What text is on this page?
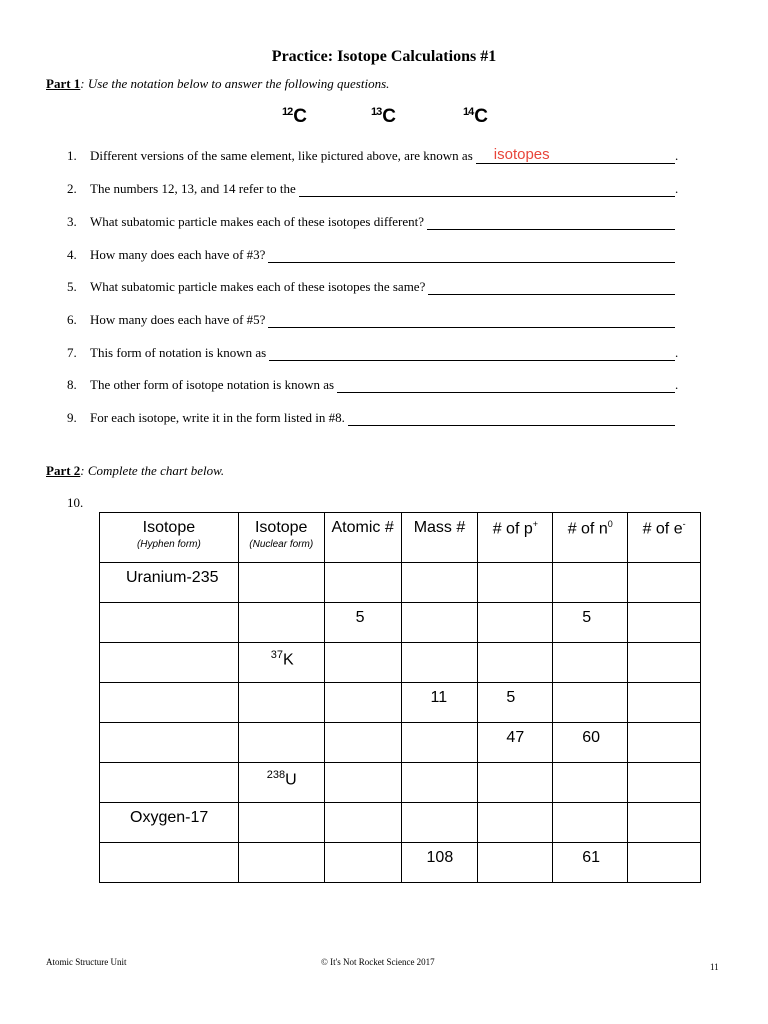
Practice: Isotope Calculations #1
Part 1: Use the notation below to answer the following questions.
$^{12}$C	$^{13}$C	$^{14}$C
1.	Different versions of the same element, like pictured above, are known as isotopes	.
2.	The numbers 12, 13, and 14 refer to the	.
3.	What subatomic particle makes each of these isotopes different?
4.	How many does each have of #3?
5.	What subatomic particle makes each of these isotopes the same?
6.	How many does each have of #5?
7.	This form of notation is known as	.
8.	The other form of isotope notation is known as	.
9.	For each isotope, write it in the form listed in #8.
Part 2: Complete the chart below.
10.
Isotope
(Hyphen form)	Isotope
(Nuclear form)	Atomic #	Mass #	# of p+	# of $n^0$	# of e-

Uranium-235						

		5			5	

	$^{37}$K					

			11	5		

				47	60	

	$^{238}$U					

Oxygen-17						

			108		61	

Atomic Structure Unit	© It's Not Rocket Science 2017	11
